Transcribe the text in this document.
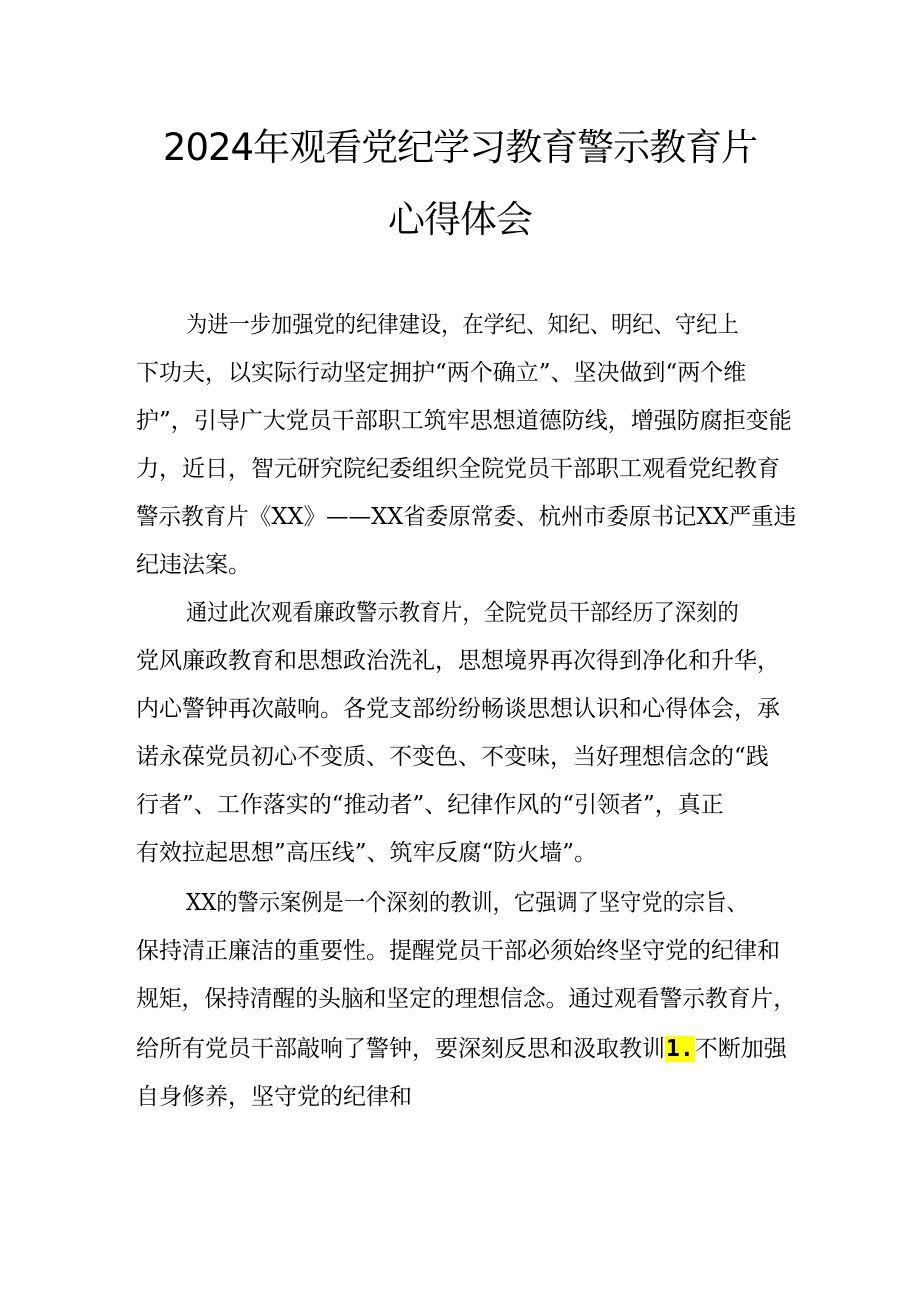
2024年观看党纪学习教育警示教育片
心得体会
为进一步加强党的纪律建设，在学纪、知纪、明纪、守纪上
下功夫，以实际行动坚定拥护“两个确立”、坚决做到“两个维
护”，引导广大党员干部职工筑牢思想道德防线，增强防腐拒变能
力，近日，智元研究院纪委组织全院党员干部职工观看党纪教育
警示教育片《XX》——XX省委原常委、杭州市委原书记XX严重违
纪违法案。
通过此次观看廉政警示教育片，全院党员干部经历了深刻的
党风廉政教育和思想政治洗礼，思想境界再次得到净化和升华，
内心警钟再次敲响。各党支部纷纷畅谈思想认识和心得体会，承
诺永葆党员初心不变质、不变色、不变味，当好理想信念的“践
行者”、工作落实的“推动者”、纪律作风的“引领者”，真正
有效拉起思想”高压线”、筑牢反腐“防火墙”。
XX的警示案例是一个深刻的教训，它强调了坚守党的宗旨、
保持清正廉洁的重要性。提醒党员干部必须始终坚守党的纪律和
规矩，保持清醒的头脑和坚定的理想信念。通过观看警示教育片，
给所有党员干部敲响了警钟，要深刻反思和汲取教训1.不断加强
自身修养，坚守党的纪律和
